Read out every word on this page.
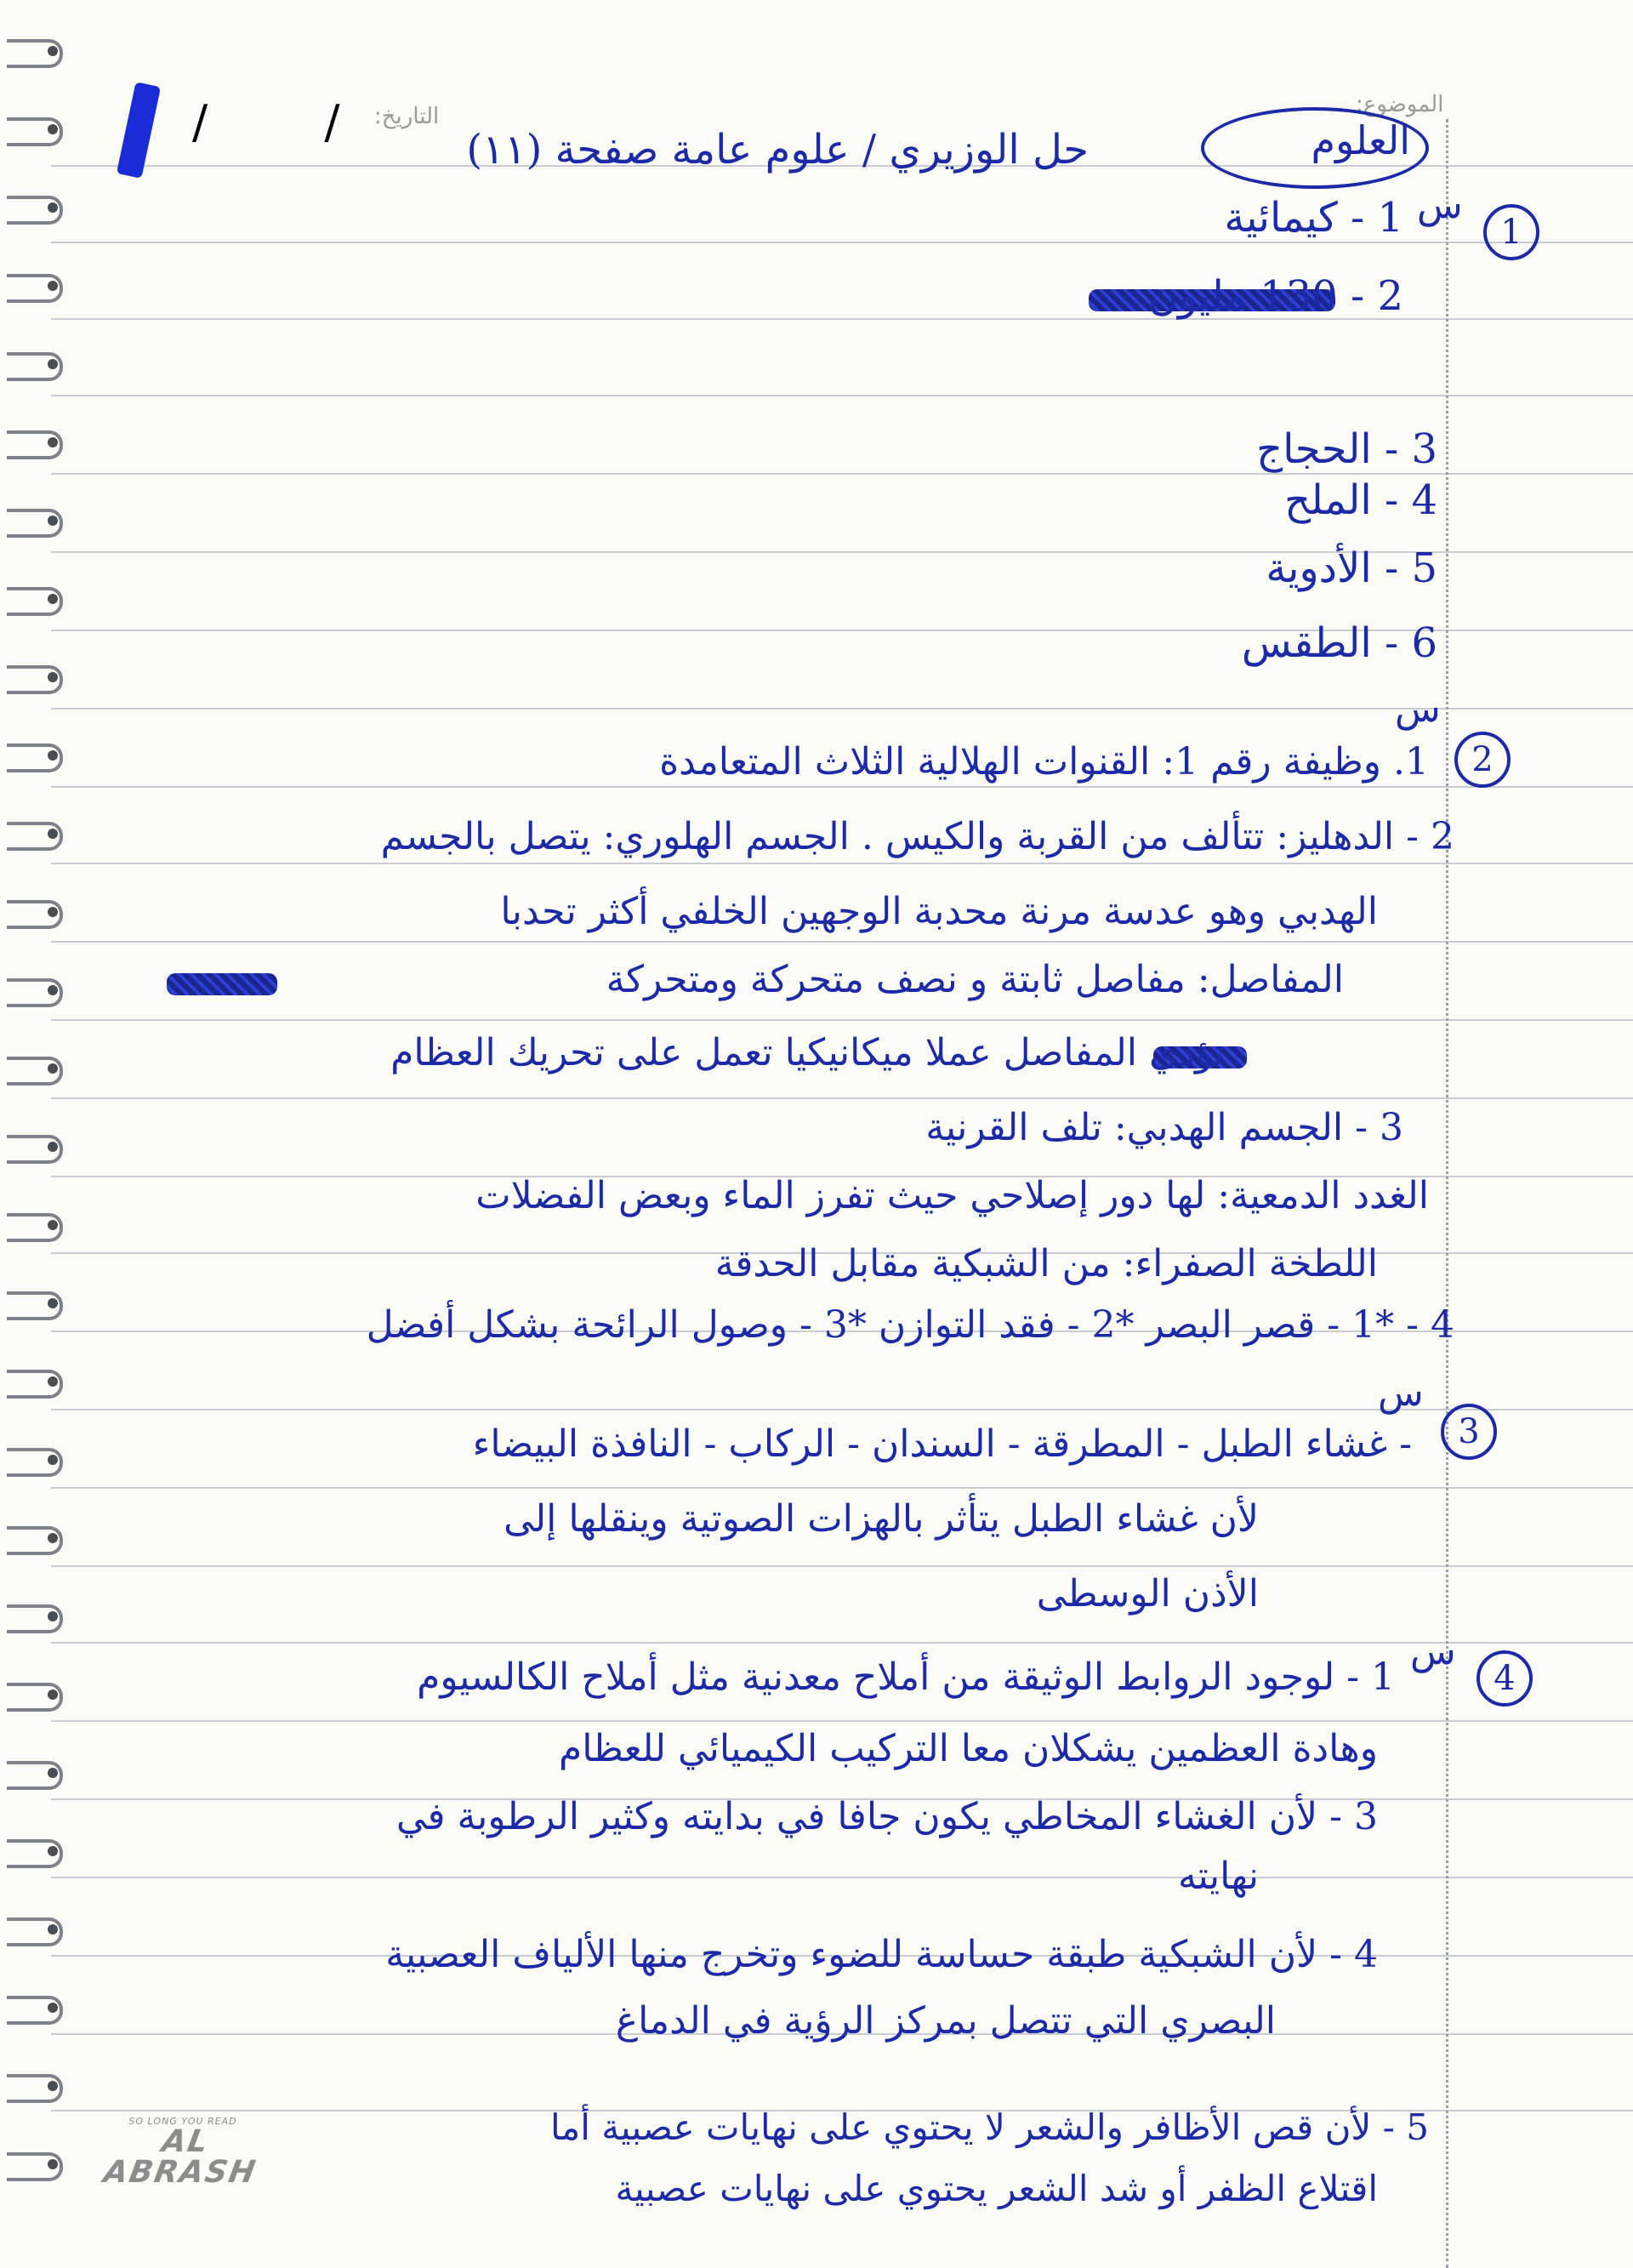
الموضوع:
التاريخ:
العلوم
حل الوزيري / علوم عامة صفحة (١١)
/ /
1
س
1 - كيمائية
2 - 130 مليون
3 - الحجاج
4 - الملح
5 - الأدوية
6 - الطقس
س
2
1. وظيفة رقم 1: القنوات الهلالية الثلاث المتعامدة
2 - الدهليز: تتألف من القربة والكيس . الجسم الهلوري: يتصل بالجسم
الهدبي وهو عدسة مرنة محدبة الوجهين الخلفي أكثر تحدبا
المفاصل: مفاصل ثابتة و نصف متحركة ومتحركة
تؤدي المفاصل عملا ميكانيكيا تعمل على تحريك العظام
3 - الجسم الهدبي: تلف القرنية
الغدد الدمعية: لها دور إصلاحي حيث تفرز الماء وبعض الفضلات
اللطخة الصفراء: من الشبكية مقابل الحدقة
4 - *1 - قصر البصر *2 - فقد التوازن *3 - وصول الرائحة بشكل أفضل
س
3
- غشاء الطبل - المطرقة - السندان - الركاب - النافذة البيضاء
لأن غشاء الطبل يتأثر بالهزات الصوتية وينقلها إلى
الأذن الوسطى
4
س
1 - لوجود الروابط الوثيقة من أملاح معدنية مثل أملاح الكالسيوم
وهادة العظمين يشكلان معا التركيب الكيميائي للعظام
3 - لأن الغشاء المخاطي يكون جافا في بدايته وكثير الرطوبة في
نهايته
4 - لأن الشبكية طبقة حساسة للضوء وتخرج منها الألياف العصبية
البصري التي تتصل بمركز الرؤية في الدماغ
5 - لأن قص الأظافر والشعر لا يحتوي على نهايات عصبية أما
اقتلاع الظفر أو شد الشعر يحتوي على نهايات عصبية
SO LONG YOU READ
AL ABRASH
